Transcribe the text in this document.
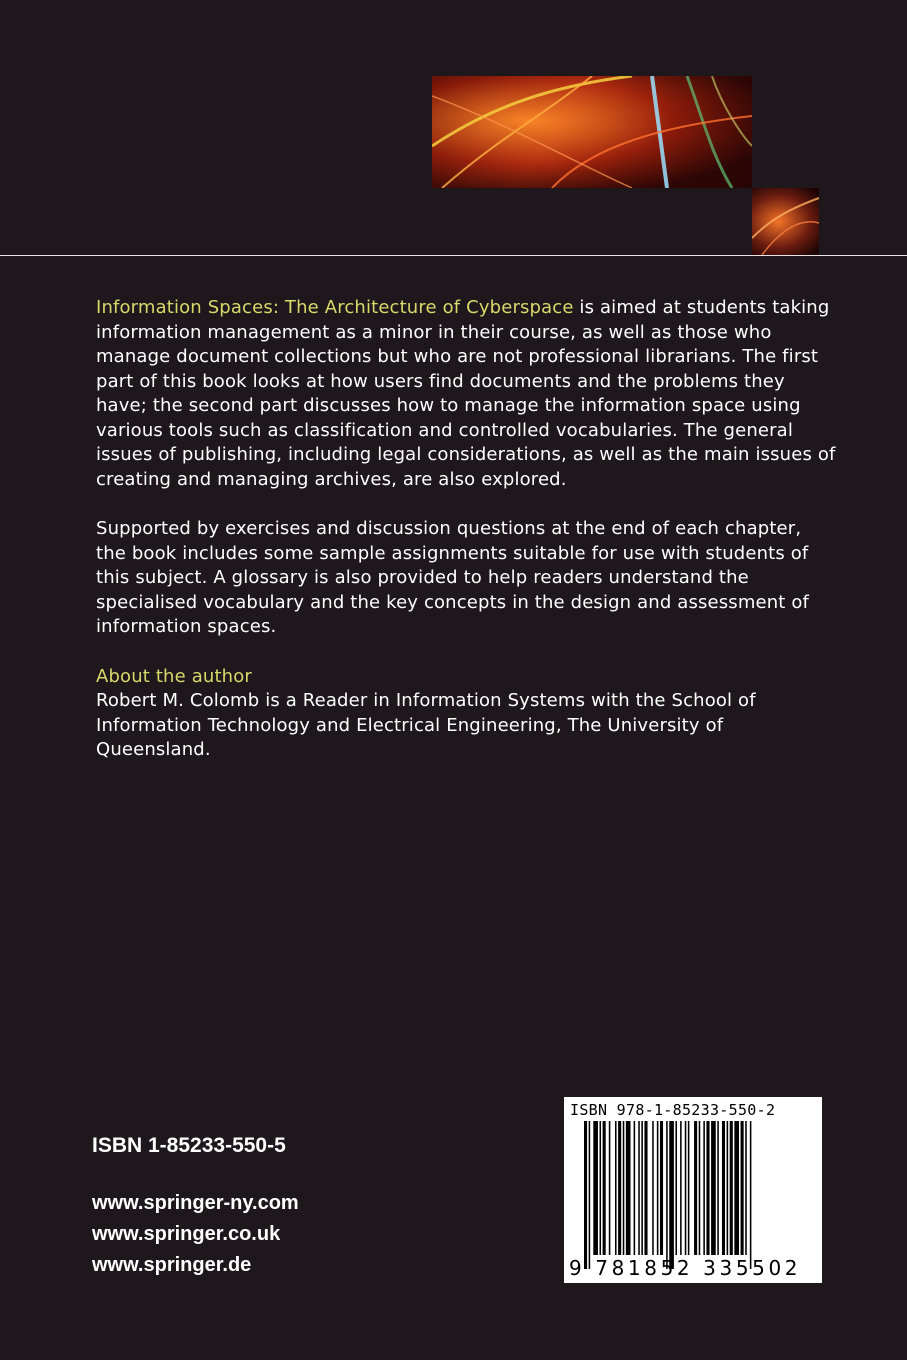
Information Spaces: The Architecture of Cyberspace is aimed at students taking information management as a minor in their course, as well as those who manage document collections but who are not professional librarians. The first part of this book looks at how users find documents and the problems they have; the second part discusses how to manage the information space using various tools such as classification and controlled vocabularies. The general issues of publishing, including legal considerations, as well as the main issues of creating and managing archives, are also explored.

Supported by exercises and discussion questions at the end of each chapter, the book includes some sample assignments suitable for use with students of this subject. A glossary is also provided to help readers understand the specialised vocabulary and the key concepts in the design and assessment of information spaces.

About the author
Robert M. Colomb is a Reader in Information Systems with the School of Information Technology and Electrical Engineering, The University of Queensland.
ISBN 1-85233-550-5
www.springer-ny.com
www.springer.co.uk
www.springer.de
ISBN 978-1-85233-550-2
9 781852 335502
